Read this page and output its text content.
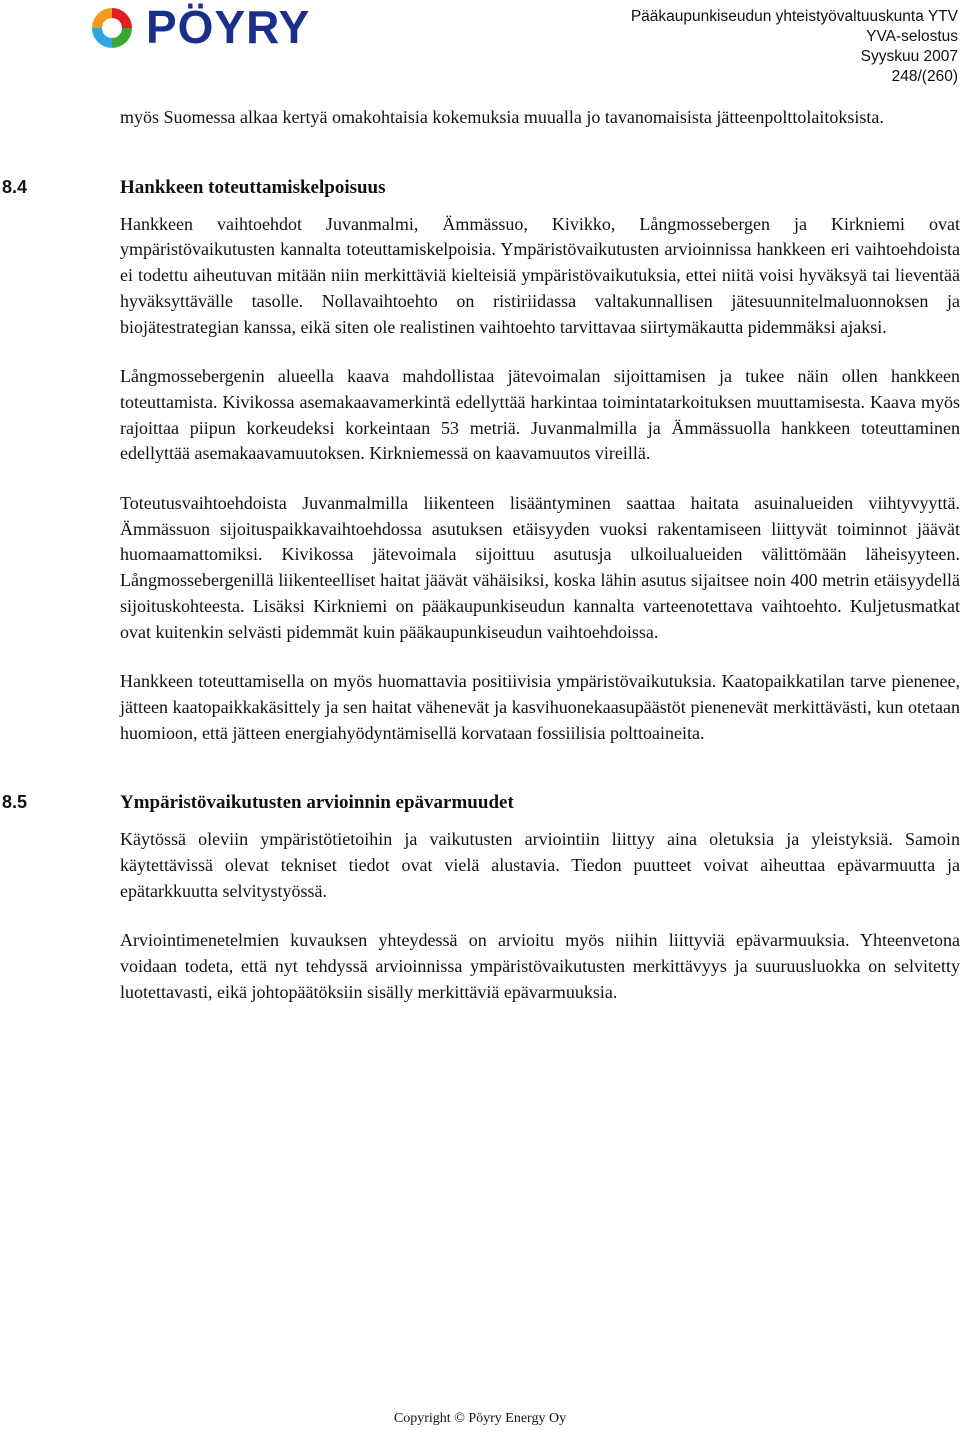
PÖYRY	Pääkaupunkiseudun yhteistyövaltuuskunta YTV
YVA-selostus
Syyskuu 2007
248/(260)

myös Suomessa alkaa kertyä omakohtaisia kokemuksia muualla jo tavanomaisista jätteenpolttolaitoksista.

8.4	Hankkeen toteuttamiskelpoisuus

Hankkeen vaihtoehdot Juvanmalmi, Ämmässuo, Kivikko, Långmossebergen ja Kirkniemi ovat ympäristövaikutusten kannalta toteuttamiskelpoisia. Ympäristövaikutusten arvioinnissa hankkeen eri vaihtoehdoista ei todettu aiheutuvan mitään niin merkittäviä kielteisiä ympäristövaikutuksia, ettei niitä voisi hyväksyä tai lieventää hyväksyttävälle tasolle. Nollavaihtoehto on ristiriidassa valtakunnallisen jätesuunnitelmaluonnoksen ja biojätestrategian kanssa, eikä siten ole realistinen vaihtoehto tarvittavaa siirtymäkautta pidemmäksi ajaksi.

Långmossebergenin alueella kaava mahdollistaa jätevoimalan sijoittamisen ja tukee näin ollen hankkeen toteuttamista. Kivikossa asemakaavamerkintä edellyttää harkintaa toimintatarkoituksen muuttamisesta. Kaava myös rajoittaa piipun korkeudeksi korkeintaan 53 metriä. Juvanmalmilla ja Ämmässuolla hankkeen toteuttaminen edellyttää asemakaavamuutoksen. Kirkniemessä on kaavamuutos vireillä.

Toteutusvaihtoehdoista Juvanmalmilla liikenteen lisääntyminen saattaa haitata asuinalueiden viihtyvyyttä. Ämmässuon sijoituspaikkavaihtoehdossa asutuksen etäisyyden vuoksi rakentamiseen liittyvät toiminnot jäävät huomaamattomiksi. Kivikossa jätevoimala sijoittuu asutusja ulkoilualueiden välittömään läheisyyteen. Långmossebergenillä liikenteelliset haitat jäävät vähäisiksi, koska lähin asutus sijaitsee noin 400 metrin etäisyydellä sijoituskohteesta. Lisäksi Kirkniemi on pääkaupunkiseudun kannalta varteenotettava vaihtoehto. Kuljetusmatkat ovat kuitenkin selvästi pidemmät kuin pääkaupunkiseudun vaihtoehdoissa.

Hankkeen toteuttamisella on myös huomattavia positiivisia ympäristövaikutuksia. Kaatopaikkatilan tarve pienenee, jätteen kaatopaikkakäsittely ja sen haitat vähenevät ja kasvihuonekaasupäästöt pienenevät merkittävästi, kun otetaan huomioon, että jätteen energiahyödyntämisellä korvataan fossiilisia polttoaineita.

8.5	Ympäristövaikutusten arvioinnin epävarmuudet

Käytössä oleviin ympäristötietoihin ja vaikutusten arviointiin liittyy aina oletuksia ja yleistyksiä. Samoin käytettävissä olevat tekniset tiedot ovat vielä alustavia. Tiedon puutteet voivat aiheuttaa epävarmuutta ja epätarkkuutta selvitystyössä.

Arviointimenetelmien kuvauksen yhteydessä on arvioitu myös niihin liittyviä epävarmuuksia. Yhteenvetona voidaan todeta, että nyt tehdyssä arvioinnissa ympäristövaikutusten merkittävyys ja suuruusluokka on selvitetty luotettavasti, eikä johtopäätöksiin sisälly merkittäviä epävarmuuksia.

Copyright © Pöyry Energy Oy
